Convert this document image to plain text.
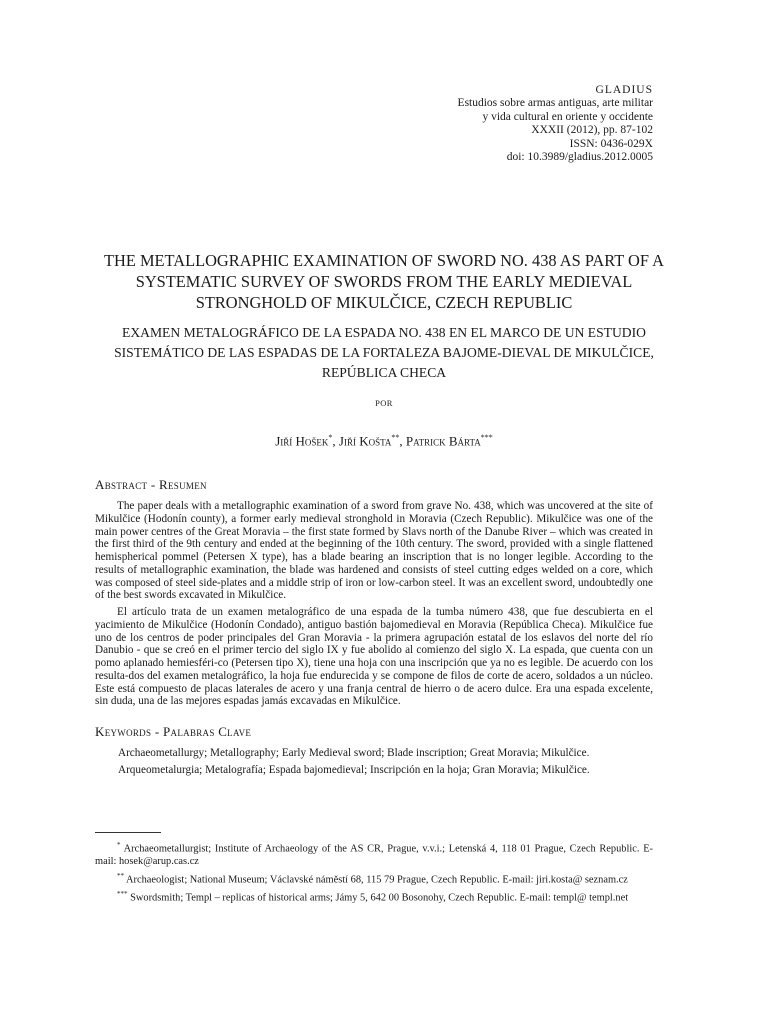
GLADIUS
Estudios sobre armas antiguas, arte militar
y vida cultural en oriente y occidente
XXXII (2012), pp. 87-102
ISSN: 0436-029X
doi: 10.3989/gladius.2012.0005
THE METALLOGRAPHIC EXAMINATION OF SWORD NO. 438 AS PART OF A SYSTEMATIC SURVEY OF SWORDS FROM THE EARLY MEDIEVAL STRONGHOLD OF MIKULČICE, CZECH REPUBLIC
EXAMEN METALOGRÁFICO DE LA ESPADA NO. 438 EN EL MARCO DE UN ESTUDIO SISTEMÁTICO DE LAS ESPADAS DE LA FORTALEZA BAJOME-DIEVAL DE MIKULČICE, REPÚBLICA CHECA
POR
Jiří Hošek*, Jiří Košta**, Patrick Bárta***
Abstract - Resumen

The paper deals with a metallographic examination of a sword from grave No. 438, which was uncovered at the site of Mikulčice (Hodonín county), a former early medieval stronghold in Moravia (Czech Republic). Mikulčice was one of the main power centres of the Great Moravia – the first state formed by Slavs north of the Danube River – which was created in the first third of the 9th century and ended at the beginning of the 10th century. The sword, provided with a single flattened hemispherical pommel (Petersen X type), has a blade bearing an inscription that is no longer legible. According to the results of metallographic examination, the blade was hardened and consists of steel cutting edges welded on a core, which was composed of steel side-plates and a middle strip of iron or low-carbon steel. It was an excellent sword, undoubtedly one of the best swords excavated in Mikulčice.

El artículo trata de un examen metalográfico de una espada de la tumba número 438, que fue descubierta en el yacimiento de Mikulčice (Hodonín Condado), antiguo bastión bajomedieval en Moravia (República Checa). Mikulčice fue uno de los centros de poder principales del Gran Moravia - la primera agrupación estatal de los eslavos del norte del río Danubio - que se creó en el primer tercio del siglo IX y fue abolido al comienzo del siglo X. La espada, que cuenta con un pomo aplanado hemiesféri-co (Petersen tipo X), tiene una hoja con una inscripción que ya no es legible. De acuerdo con los resulta-dos del examen metalográfico, la hoja fue endurecida y se compone de filos de corte de acero, soldados a un núcleo. Este está compuesto de placas laterales de acero y una franja central de hierro o de acero dulce. Era una espada excelente, sin duda, una de las mejores espadas jamás excavadas en Mikulčice.

Keywords - Palabras Clave
Archaeometallurgy; Metallography; Early Medieval sword; Blade inscription; Great Moravia; Mikulčice.
Arqueometalurgia; Metalografía; Espada bajomedieval; Inscripción en la hoja; Gran Moravia; Mikulčice.
* Archaeometallurgist; Institute of Archaeology of the AS CR, Prague, v.v.i.; Letenská 4, 118 01 Prague, Czech Republic. E-mail: hosek@arup.cas.cz
** Archaeologist; National Museum; Václavské náměstí 68, 115 79 Prague, Czech Republic. E-mail: jiri.kosta@ seznam.cz
*** Swordsmith; Templ – replicas of historical arms; Jámy 5, 642 00 Bosonohy, Czech Republic. E-mail: templ@ templ.net
